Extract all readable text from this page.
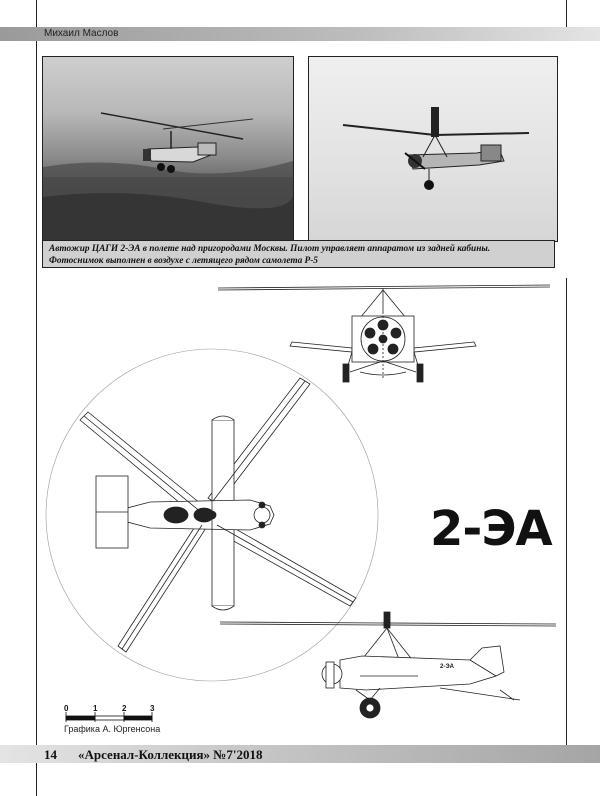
Михаил Маслов
Автожир ЦАГИ 2-ЭА в полете над пригородами Москвы. Пилот управляет аппаратом из задней кабины.
Фотоснимок выполнен в воздухе с летящего рядом самолета Р-5
0	1	2	3
2-ЭА
2-ЭА
Графика А. Юргенсона
14 «Арсенал-Коллекция» №7'2018
